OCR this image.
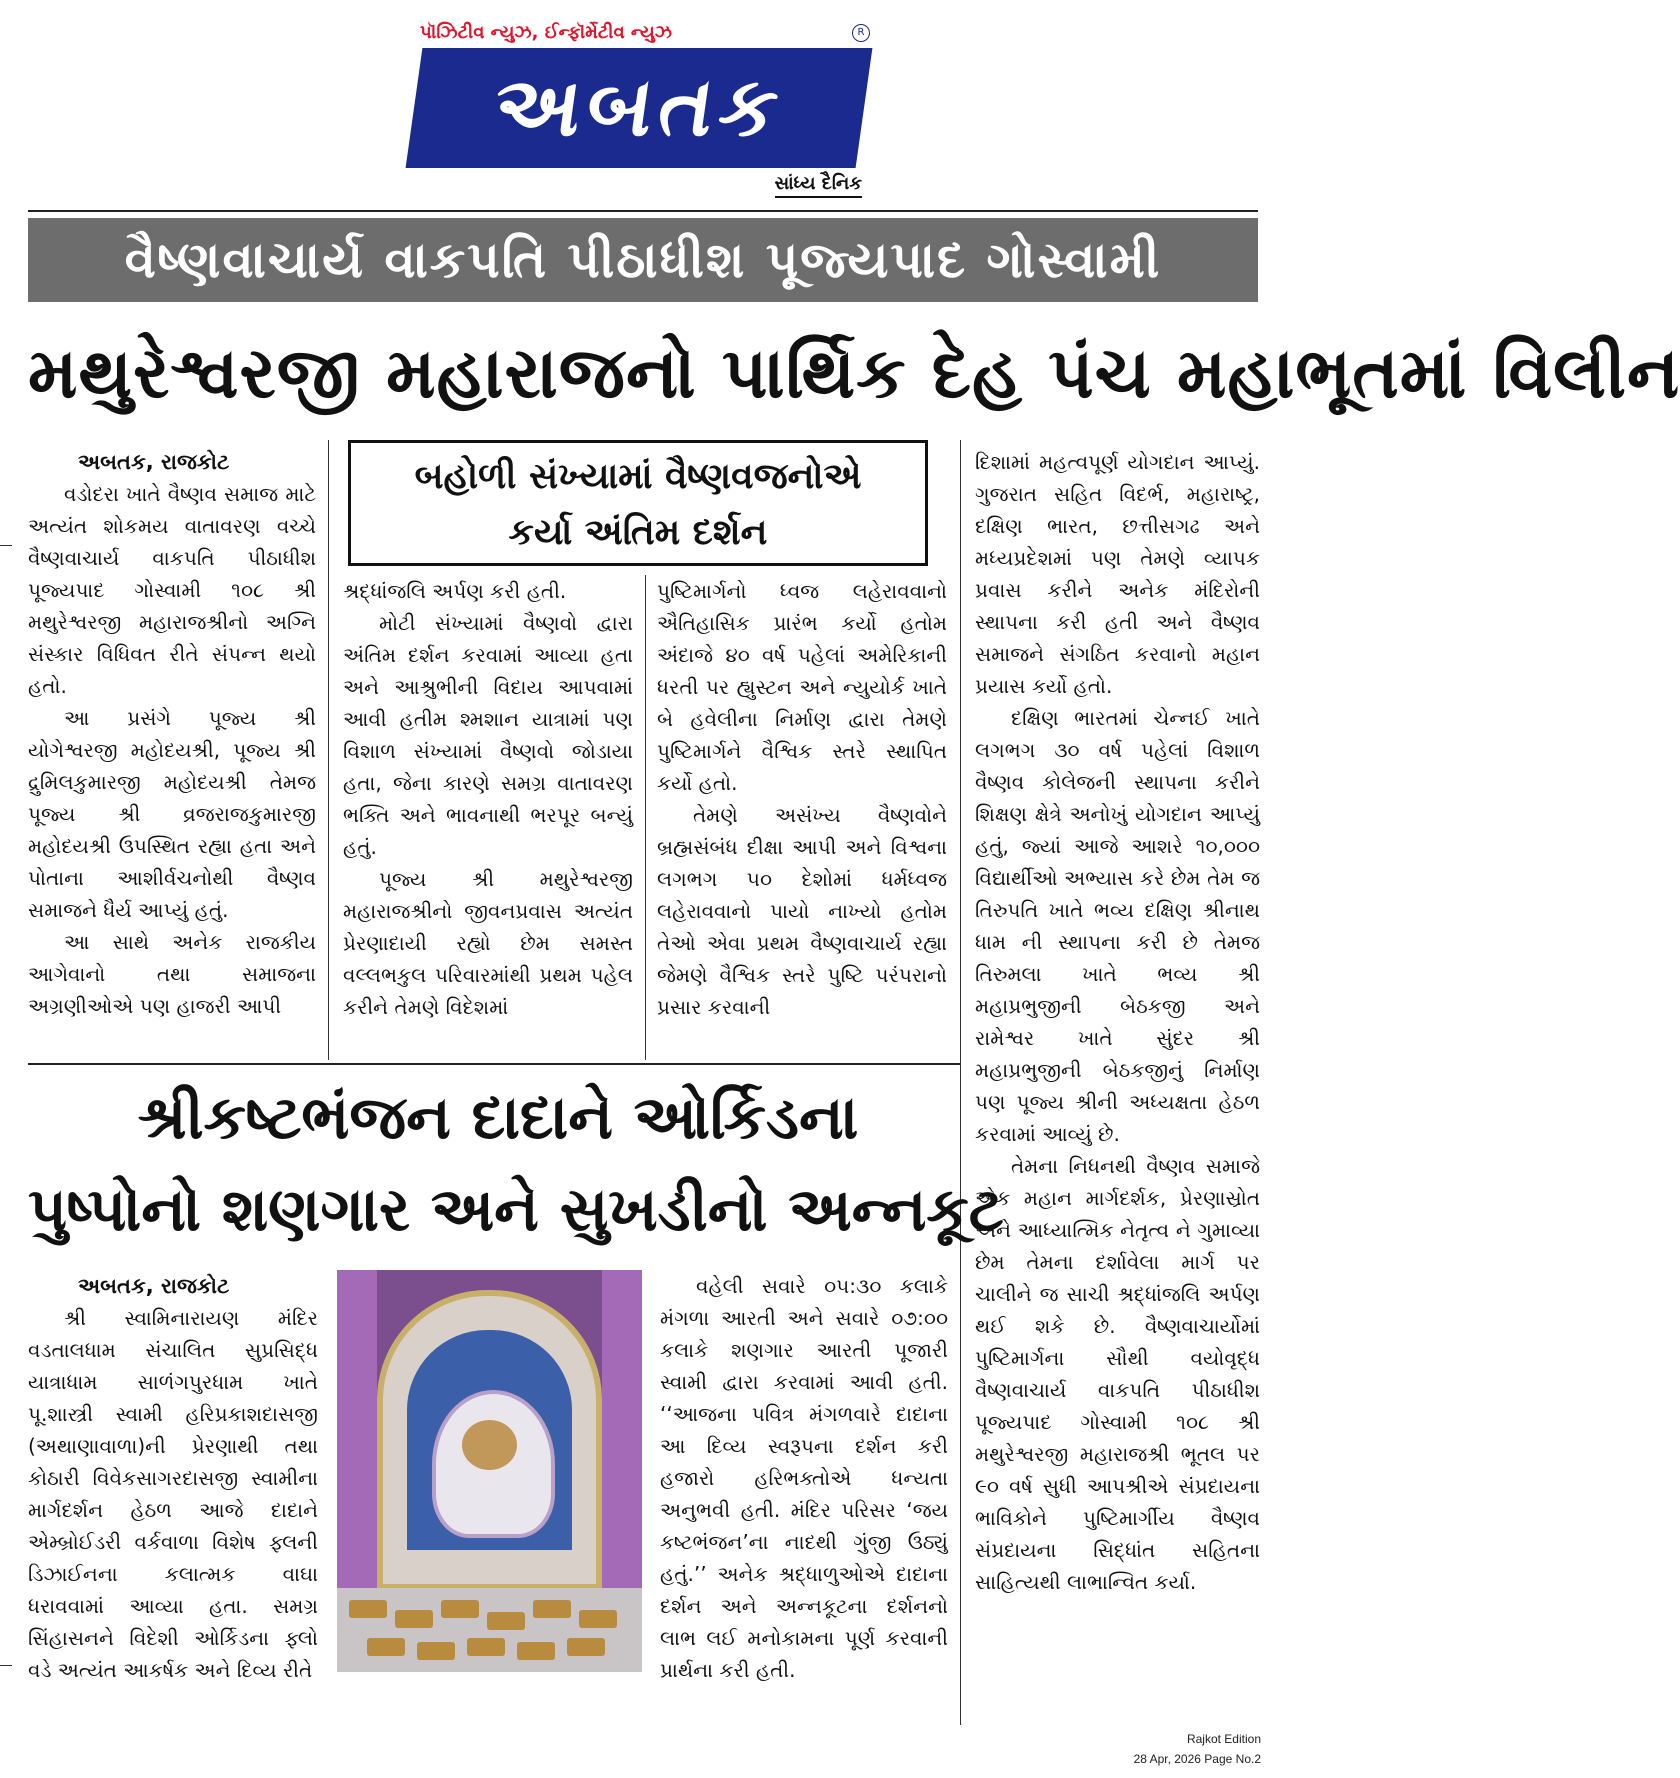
પૉઝિટીવ ન્યુઝ, ઈન્ફૉર્મેટીવ ન્યુઝ	R
અબતક
સાંધ્ય દૈનિક
વૈષ્ણવાચાર્ય વાકપતિ પીઠાધીશ પૂજ્યપાદ ગોસ્વામી
મથુરેશ્વરજી મહારાજનો પાર્થિક દેહ પંચ મહાભૂતમાં વિલીન
બહોળી સંખ્યામાં વૈષ્ણવજનોએ
કર્યા અંતિમ દર્શન
અબતક, રાજકોટ

વડોદરા ખાતે વૈષ્ણવ સમાજ માટે અત્યંત શોકમય વાતાવરણ વચ્ચે વૈષ્ણવાચાર્ય વાકપતિ પીઠાધીશ પૂજ્યપાદ ગોસ્વામી ૧૦૮ શ્રી મથુરેશ્વરજી મહારાજશ્રીનો અગ્નિ સંસ્કાર વિધિવત રીતે સંપન્ન થયો હતો.

આ પ્રસંગે પૂજ્ય શ્રી યોગેશ્વરજી મહોદયશ્રી, પૂજ્ય શ્રી દ્રુમિલકુમારજી મહોદયશ્રી તેમજ પૂજ્ય શ્રી વ્રજરાજકુમારજી મહોદયશ્રી ઉપસ્થિત રહ્યા હતા અને પોતાના આશીર્વચનોથી વૈષ્ણવ સમાજને ધૈર્ય આપ્યું હતું.

આ સાથે અનેક રાજકીય આગેવાનો તથા સમાજના અગ્રણીઓએ પણ હાજરી આપી

શ્રદ્ધાંજલિ અર્પણ કરી હતી.

મોટી સંખ્યામાં વૈષ્ણવો દ્વારા અંતિમ દર્શન કરવામાં આવ્યા હતા અને આશ્રુભીની વિદાય આપવામાં આવી હતીમ શ્મશાન યાત્રામાં પણ વિશાળ સંખ્યામાં વૈષ્ણવો જોડાયા હતા, જેના કારણે સમગ્ર વાતાવરણ ભક્તિ અને ભાવનાથી ભરપૂર બન્યું હતું.

પૂજ્ય શ્રી મથુરેશ્વરજી મહારાજશ્રીનો જીવનપ્રવાસ અત્યંત પ્રેરણાદાયી રહ્યો છેમ સમસ્ત વલ્લભકુલ પરિવારમાંથી પ્રથમ પહેલ કરીને તેમણે વિદેશમાં

પુષ્ટિમાર્ગનો ધ્વજ લહેરાવવાનો ઐતિહાસિક પ્રારંભ કર્યો હતોમ અંદાજે ૪૦ વર્ષ પહેલાં અમેરિકાની ધરતી પર હ્યુસ્ટન અને ન્યુયોર્ક ખાતે બે હવેલીના નિર્માણ દ્વારા તેમણે પુષ્ટિમાર્ગને વૈશ્વિક સ્તરે સ્થાપિત કર્યો હતો.

તેમણે અસંખ્ય વૈષ્ણવોને બ્રહ્મસંબંધ દીક્ષા આપી અને વિશ્વના લગભગ ૫૦ દેશોમાં ધર્મધ્વજ લહેરાવવાનો પાયો નાખ્યો હતોમ તેઓ એવા પ્રથમ વૈષ્ણવાચાર્ય રહ્યા જેમણે વૈશ્વિક સ્તરે પુષ્ટિ પરંપરાનો પ્રસાર કરવાની

દિશામાં મહત્વપૂર્ણ યોગદાન આપ્યું. ગુજરાત સહિત વિદર્ભ, મહારાષ્ટ્ર, દક્ષિણ ભારત, છત્તીસગઢ અને મધ્યપ્રદેશમાં પણ તેમણે વ્યાપક પ્રવાસ કરીને અનેક મંદિરોની સ્થાપના કરી હતી અને વૈષ્ણવ સમાજને સંગઠિત કરવાનો મહાન પ્રયાસ કર્યો હતો.

દક્ષિણ ભારતમાં ચેન્નઈ ખાતે લગભગ ૩૦ વર્ષ પહેલાં વિશાળ વૈષ્ણવ કોલેજની સ્થાપના કરીને શિક્ષણ ક્ષેત્રે અનોખું યોગદાન આપ્યું હતું, જ્યાં આજે આશરે ૧૦,૦૦૦ વિદ્યાર્થીઓ અભ્યાસ કરે છેમ તેમ જ તિરુપતિ ખાતે ભવ્ય દક્ષિણ શ્રીનાથ ધામ ની સ્થાપના કરી છે તેમજ તિરુમલા ખાતે ભવ્ય શ્રી મહાપ્રભુજીની બેઠકજી અને રામેશ્વર ખાતે સુંદર શ્રી મહાપ્રભુજીની બેઠકજીનું નિર્માણ પણ પૂજ્ય શ્રીની અધ્યક્ષતા હેઠળ કરવામાં આવ્યું છે.

તેમના નિધનથી વૈષ્ણવ સમાજે એક મહાન માર્ગદર્શક, પ્રેરણાસ્રોત અને આધ્યાત્મિક નેતૃત્વ ને ગુમાવ્યા છેમ તેમના દર્શાવેલા માર્ગ પર ચાલીને જ સાચી શ્રદ્ધાંજલિ અર્પણ થઈ શકે છે. વૈષ્ણવાચાર્યોમાં પુષ્ટિમાર્ગના સૌથી વયોવૃદ્ધ વૈષ્ણવાચાર્ય વાકપતિ પીઠાધીશ પૂજ્યપાદ ગોસ્વામી ૧૦૮ શ્રી મથુરેશ્વરજી મહારાજશ્રી ભૂતલ પર ૯૦ વર્ષ સુધી આપશ્રીએ સંપ્રદાયના ભાવિકોને પુષ્ટિમાર્ગીય વૈષ્ણવ સંપ્રદાયના સિદ્ધાંત સહિતના સાહિત્યથી લાભાન્વિત કર્યા.

શ્રીકષ્ટભંજન દાદાને ઓર્કિડના
પુષ્પોનો શણગાર અને સુખડીનો અન્નકૂટ
અબતક, રાજકોટ

શ્રી સ્વામિનારાયણ મંદિર વડતાલધામ સંચાલિત સુપ્રસિદ્ધ યાત્રાધામ સાળંગપુરધામ ખાતે પૂ.શાસ્ત્રી સ્વામી હરિપ્રકાશદાસજી (અથાણાવાળા)ની પ્રેરણાથી તથા કોઠારી વિવેકસાગરદાસજી સ્વામીના માર્ગદર્શન હેઠળ આજે દાદાને એમ્બ્રોઈડરી વર્કવાળા વિશેષ ફ્લની ડિઝાઈનના કલાત્મક વાઘા ધરાવવામાં આવ્યા હતા. સમગ્ર સિંહાસનને વિદેશી ઓર્કિડના ફ્લો વડે અત્યંત આકર્ષક અને દિવ્ય રીતે

વહેલી સવારે ૦૫:૩૦ કલાકે મંગળા આરતી અને સવારે ૦૭:૦૦ કલાકે શણગાર આરતી પૂજારી સ્વામી દ્વારા કરવામાં આવી હતી. ‘‘આજના પવિત્ર મંગળવારે દાદાના આ દિવ્ય સ્વરૂપના દર્શન કરી હજારો હરિભક્તોએ ધન્યતા અનુભવી હતી. મંદિર પરિસર ‘જય કષ્ટભંજન’ના નાદથી ગુંજી ઉઠ્યું હતું.’’ અનેક શ્રદ્ધાળુઓએ દાદાના દર્શન અને અન્નકૂટના દર્શનનો લાભ લઈ મનોકામના પૂર્ણ કરવાની પ્રાર્થના કરી હતી.

Rajkot Edition
28 Apr, 2026 Page No.2
